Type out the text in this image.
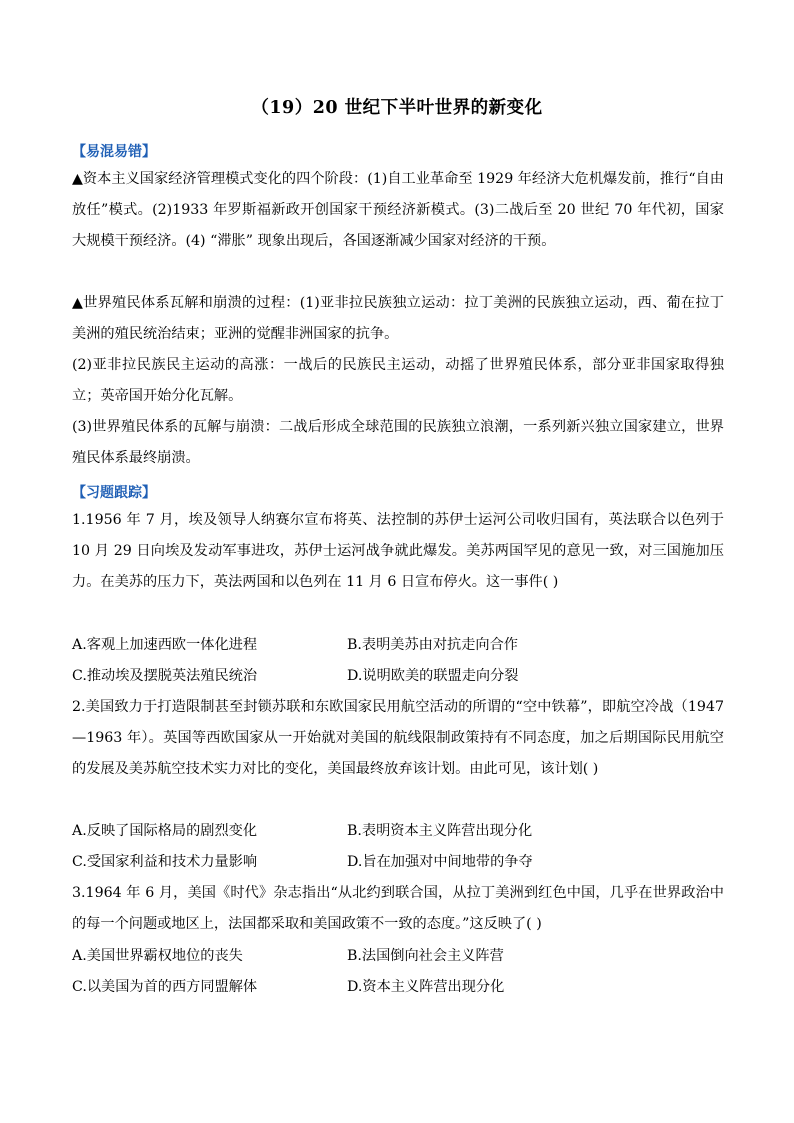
（19）20 世纪下半叶世界的新变化
【易混易错】
▲资本主义国家经济管理模式变化的四个阶段：(1)自工业革命至 1929 年经济大危机爆发前，推行“自由放任”模式。(2)1933 年罗斯福新政开创国家干预经济新模式。(3)二战后至 20 世纪 70 年代初，国家大规模干预经济。(4) “滞胀” 现象出现后，各国逐渐减少国家对经济的干预。
▲世界殖民体系瓦解和崩溃的过程：(1)亚非拉民族独立运动：拉丁美洲的民族独立运动，西、葡在拉丁美洲的殖民统治结束；亚洲的觉醒非洲国家的抗争。
(2)亚非拉民族民主运动的高涨：一战后的民族民主运动，动摇了世界殖民体系，部分亚非国家取得独立；英帝国开始分化瓦解。
(3)世界殖民体系的瓦解与崩溃：二战后形成全球范围的民族独立浪潮，一系列新兴独立国家建立，世界殖民体系最终崩溃。
【习题跟踪】
1.1956 年 7 月，埃及领导人纳赛尔宣布将英、法控制的苏伊士运河公司收归国有，英法联合以色列于 10 月 29 日向埃及发动军事进攻，苏伊士运河战争就此爆发。美苏两国罕见的意见一致，对三国施加压力。在美苏的压力下，英法两国和以色列在 11 月 6 日宣布停火。这一事件( )
A.客观上加速西欧一体化进程	B.表明美苏由对抗走向合作
C.推动埃及摆脱英法殖民统治	D.说明欧美的联盟走向分裂
2.美国致力于打造限制甚至封锁苏联和东欧国家民用航空活动的所谓的“空中铁幕”，即航空冷战（1947—1963 年）。英国等西欧国家从一开始就对美国的航线限制政策持有不同态度，加之后期国际民用航空的发展及美苏航空技术实力对比的变化，美国最终放弃该计划。由此可见，该计划( )
A.反映了国际格局的剧烈变化	B.表明资本主义阵营出现分化
C.受国家利益和技术力量影响	D.旨在加强对中间地带的争夺
3.1964 年 6 月，美国《时代》杂志指出“从北约到联合国，从拉丁美洲到红色中国，几乎在世界政治中的每一个问题或地区上，法国都采取和美国政策不一致的态度。”这反映了( )
A.美国世界霸权地位的丧失	B.法国倒向社会主义阵营
C.以美国为首的西方同盟解体	D.资本主义阵营出现分化
